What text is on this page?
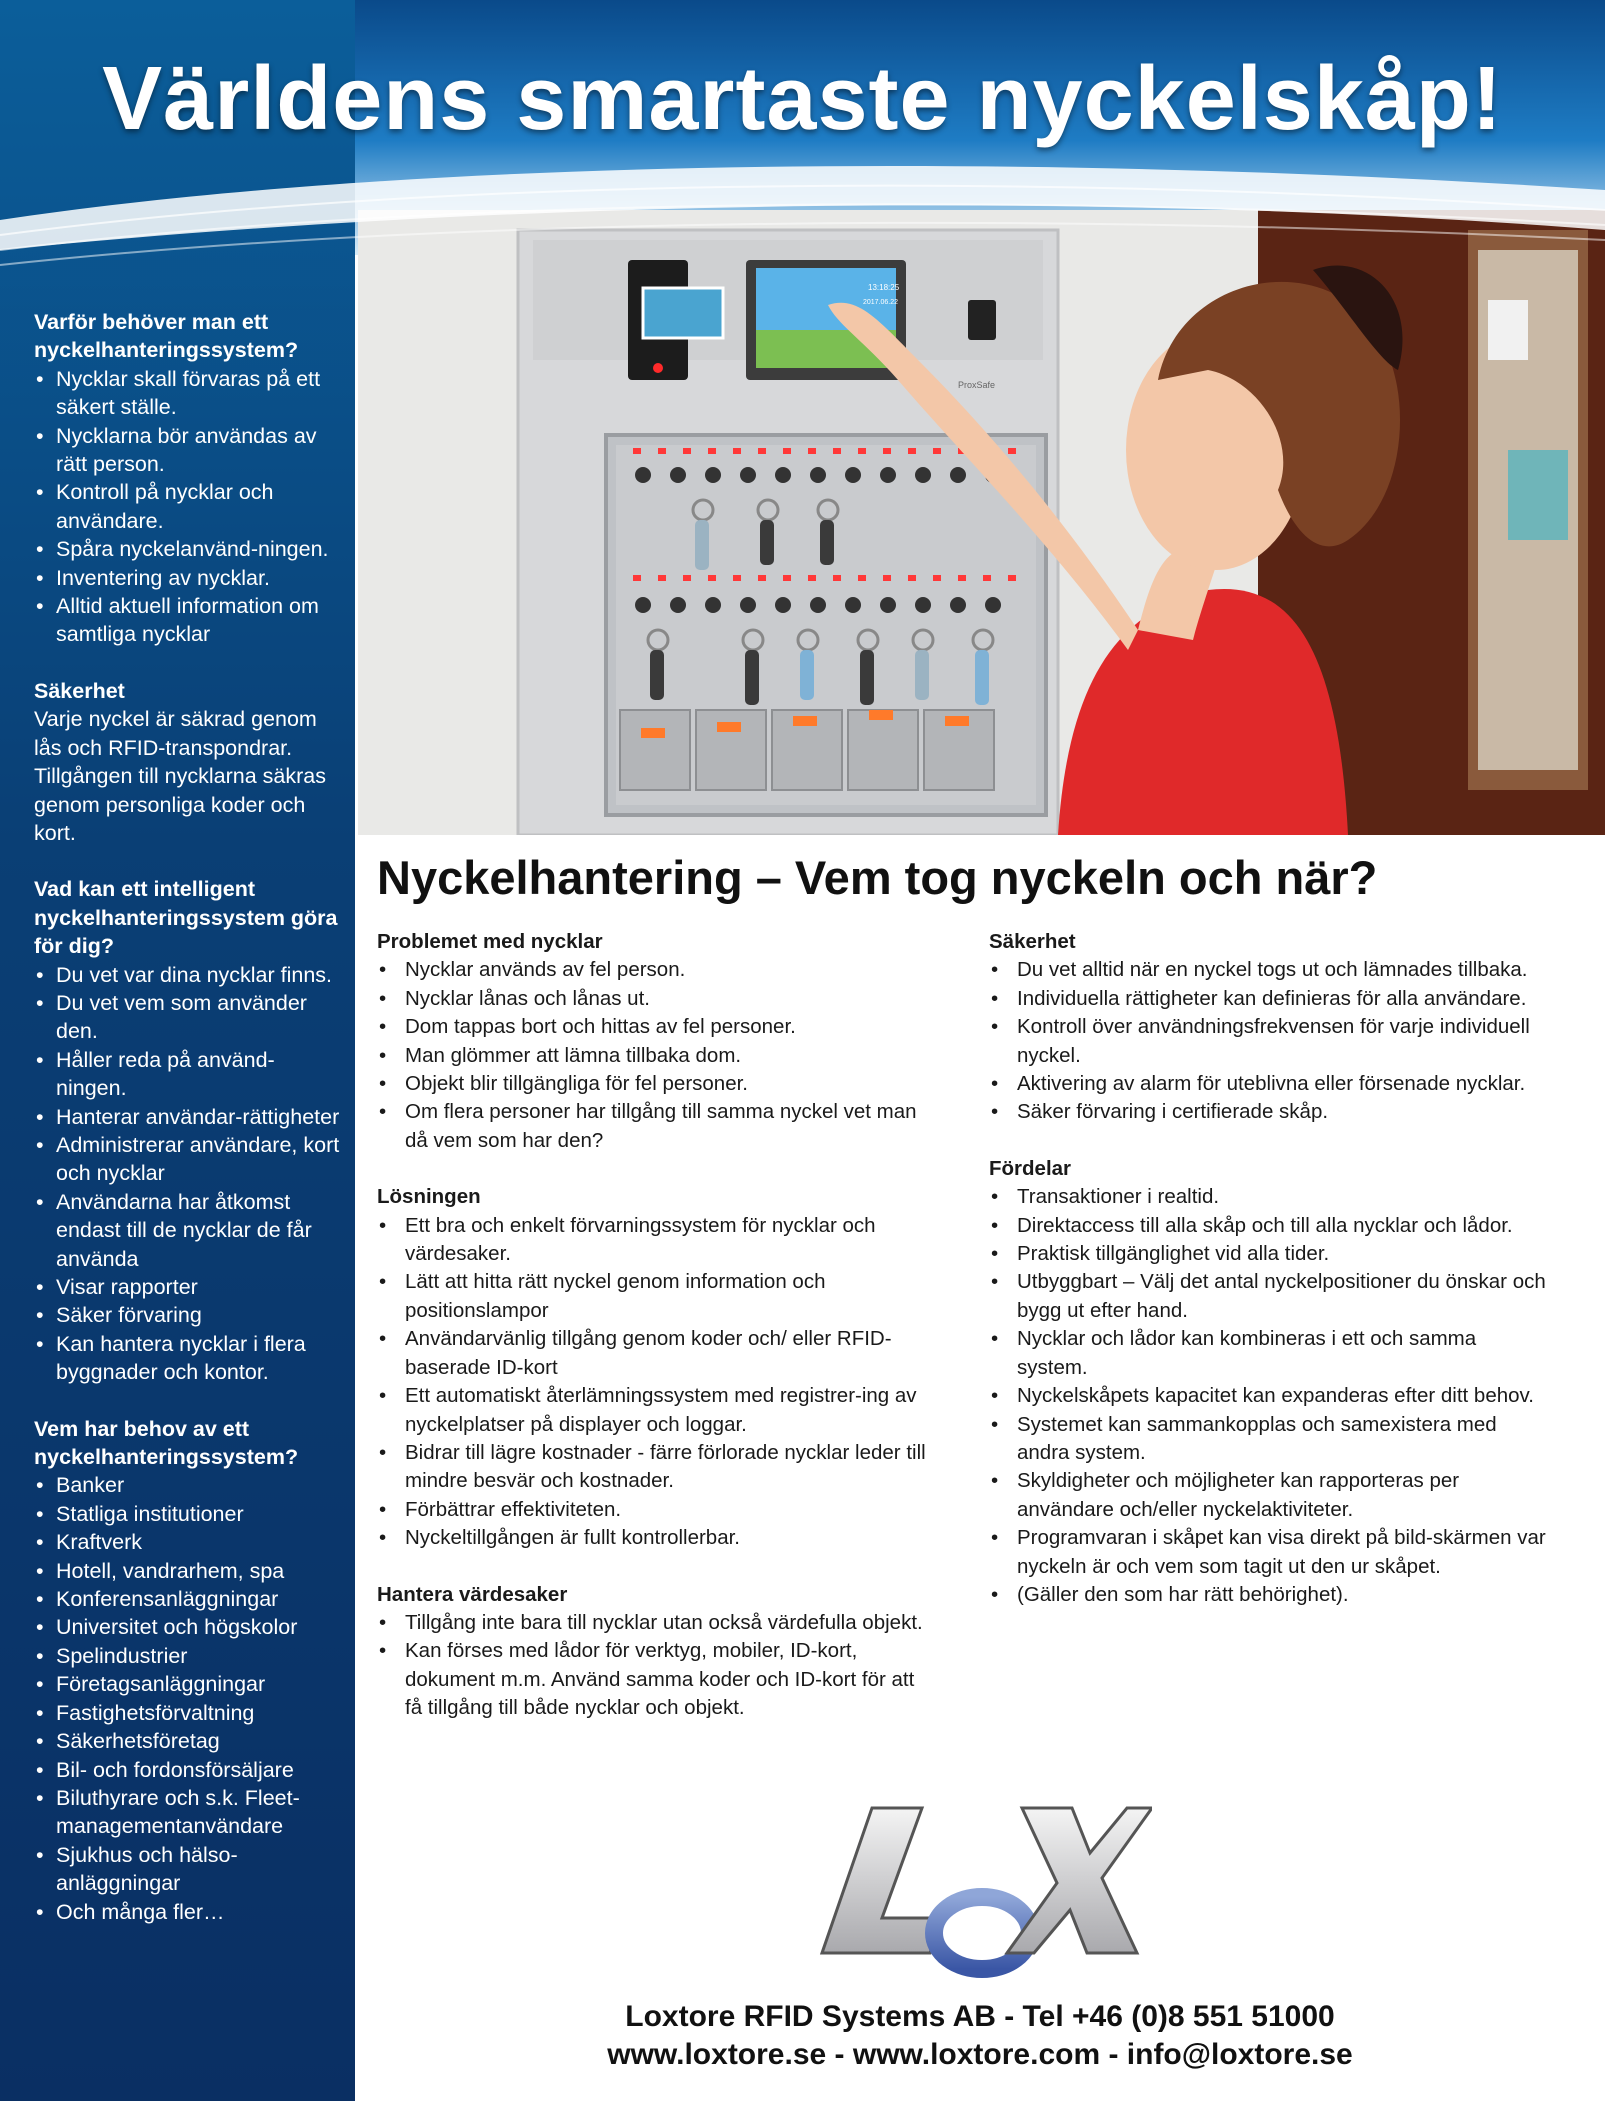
13:18:25
2017.06.22
ProxSafe
Världens smartaste nyckelskåp!
Varför behöver man ett nyckelhanteringssystem?
• Nycklar skall förvaras på ett säkert ställe.
• Nycklarna bör användas av rätt person.
• Kontroll på nycklar och användare.
• Spåra nyckelanvänd-ningen.
• Inventering av nycklar.
• Alltid aktuell information om samtliga nycklar
Säkerhet
Varje nyckel är säkrad genom lås och RFID-transpondrar. Tillgången till nycklarna säkras genom personliga koder och kort.
Vad kan ett intelligent nyckelhanteringssystem göra för dig?
• Du vet var dina nycklar finns.
• Du vet vem som använder den.
• Håller reda på använd-ningen.
• Hanterar användar-rättigheter
• Administrerar användare, kort och nycklar
• Användarna har åtkomst endast till de nycklar de får använda
• Visar rapporter
• Säker förvaring
• Kan hantera nycklar i flera byggnader och kontor.
Vem har behov av ett nyckelhanteringssystem?
• Banker
• Statliga institutioner
• Kraftverk
• Hotell, vandrarhem, spa
• Konferensanläggningar
• Universitet och högskolor
• Spelindustrier
• Företagsanläggningar
• Fastighetsförvaltning
• Säkerhetsföretag
• Bil- och fordonsförsäljare
• Biluthyrare och s.k. Fleet-managementanvändare
• Sjukhus och hälso-anläggningar
• Och många fler…
Nyckelhantering – Vem tog nyckeln och när?
Problemet med nycklar
• Nycklar används av fel person.
• Nycklar lånas och lånas ut.
• Dom tappas bort och hittas av fel personer.
• Man glömmer att lämna tillbaka dom.
• Objekt blir tillgängliga för fel personer.
• Om flera personer har tillgång till samma nyckel vet man då vem som har den?
Lösningen
• Ett bra och enkelt förvarningssystem för nycklar och värdesaker.
• Lätt att hitta rätt nyckel genom information och positionslampor
• Användarvänlig tillgång genom koder och/ eller RFID-baserade ID-kort
• Ett automatiskt återlämningssystem med registrer-ing av nyckelplatser på displayer och loggar.
• Bidrar till lägre kostnader - färre förlorade nycklar leder till mindre besvär och kostnader.
• Förbättrar effektiviteten.
• Nyckeltillgången är fullt kontrollerbar.
Hantera värdesaker
• Tillgång inte bara till nycklar utan också värdefulla objekt.
• Kan förses med lådor för verktyg, mobiler, ID-kort, dokument m.m. Använd samma koder och ID-kort för att få tillgång till både nycklar och objekt.
Säkerhet
• Du vet alltid när en nyckel togs ut och lämnades tillbaka.
• Individuella rättigheter kan definieras för alla användare.
• Kontroll över användningsfrekvensen för varje individuell nyckel.
• Aktivering av alarm för uteblivna eller försenade nycklar.
• Säker förvaring i certifierade skåp.
Fördelar
• Transaktioner i realtid.
• Direktaccess till alla skåp och till alla nycklar och lådor.
• Praktisk tillgänglighet vid alla tider.
• Utbyggbart – Välj det antal nyckelpositioner du önskar och bygg ut efter hand.
• Nycklar och lådor kan kombineras i ett och samma system.
• Nyckelskåpets kapacitet kan expanderas efter ditt behov.
• Systemet kan sammankopplas och samexistera med andra system.
• Skyldigheter och möjligheter kan rapporteras per användare och/eller nyckelaktiviteter.
• Programvaran i skåpet kan visa direkt på bild-skärmen var nyckeln är och vem som tagit ut den ur skåpet.
• (Gäller den som har rätt behörighet).
LOX
Loxtore RFID Systems AB - Tel +46 (0)8 551 51000
www.loxtore.se - www.loxtore.com - info@loxtore.se
